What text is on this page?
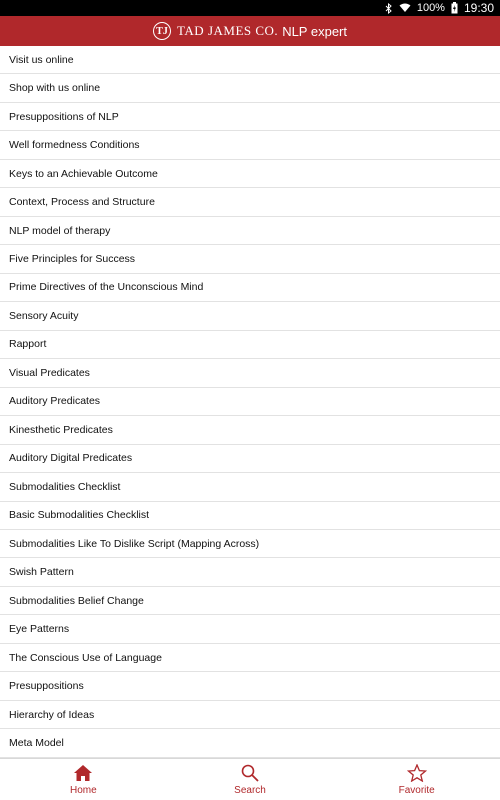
100% 19:30
TJ TAD JAMES CO. NLP expert
Visit us online
Shop with us online
Presuppositions of NLP
Well formedness Conditions
Keys to an Achievable Outcome
Context, Process and Structure
NLP model of therapy
Five Principles for Success
Prime Directives of the Unconscious Mind
Sensory Acuity
Rapport
Visual Predicates
Auditory Predicates
Kinesthetic Predicates
Auditory Digital Predicates
Submodalities Checklist
Basic Submodalities Checklist
Submodalities Like To Dislike Script (Mapping Across)
Swish Pattern
Submodalities Belief Change
Eye Patterns
The Conscious Use of Language
Presuppositions
Hierarchy of Ideas
Meta Model
Home	Search	Favorite
